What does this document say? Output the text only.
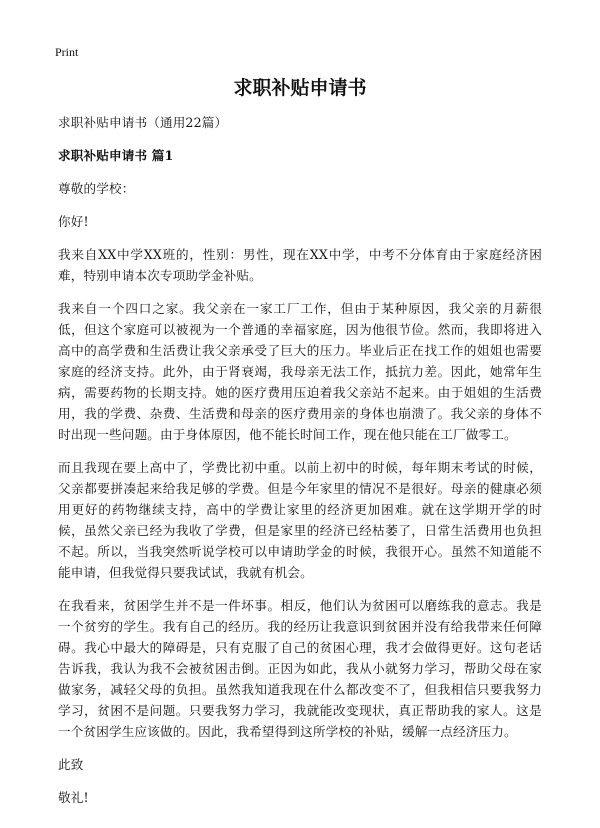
Print
求职补贴申请书
求职补贴申请书（通用22篇）
求职补贴申请书 篇1
尊敬的学校：
你好!
我来自XX中学XX班的，性别：男性，现在XX中学，中考不分体育由于家庭经济困难，特别申请本次专项助学金补贴。
我来自一个四口之家。我父亲在一家工厂工作，但由于某种原因，我父亲的月薪很低，但这个家庭可以被视为一个普通的幸福家庭，因为他很节俭。然而，我即将进入高中的高学费和生活费让我父亲承受了巨大的压力。毕业后正在找工作的姐姐也需要家庭的经济支持。此外，由于肾衰竭，我母亲无法工作，抵抗力差。因此，她常年生病，需要药物的长期支持。她的医疗费用压迫着我父亲站不起来。由于姐姐的生活费用，我的学费、杂费、生活费和母亲的医疗费用亲的身体也崩溃了。我父亲的身体不时出现一些问题。由于身体原因，他不能长时间工作，现在他只能在工厂做零工。
而且我现在要上高中了，学费比初中重。以前上初中的时候，每年期末考试的时候，父亲都要拼凑起来给我足够的学费。但是今年家里的情况不是很好。母亲的健康必须用更好的药物继续支持，高中的学费让家里的经济更加困难。就在这学期开学的时候，虽然父亲已经为我收了学费，但是家里的经济已经枯萎了，日常生活费用也负担不起。所以，当我突然听说学校可以申请助学金的时候，我很开心。虽然不知道能不能申请，但我觉得只要我试试，我就有机会。
在我看来，贫困学生并不是一件坏事。相反，他们认为贫困可以磨练我的意志。我是一个贫穷的学生。我有自己的经历。我的经历让我意识到贫困并没有给我带来任何障碍。我心中最大的障碍是，只有克服了自己的贫困心理，我才会做得更好。这句老话告诉我，我认为我不会被贫困击倒。正因为如此，我从小就努力学习，帮助父母在家做家务，减轻父母的负担。虽然我知道我现在什么都改变不了，但我相信只要我努力学习，贫困不是问题。只要我努力学习，我就能改变现状，真正帮助我的家人。这是一个贫困学生应该做的。因此，我希望得到这所学校的补贴，缓解一点经济压力。
此致
敬礼!
